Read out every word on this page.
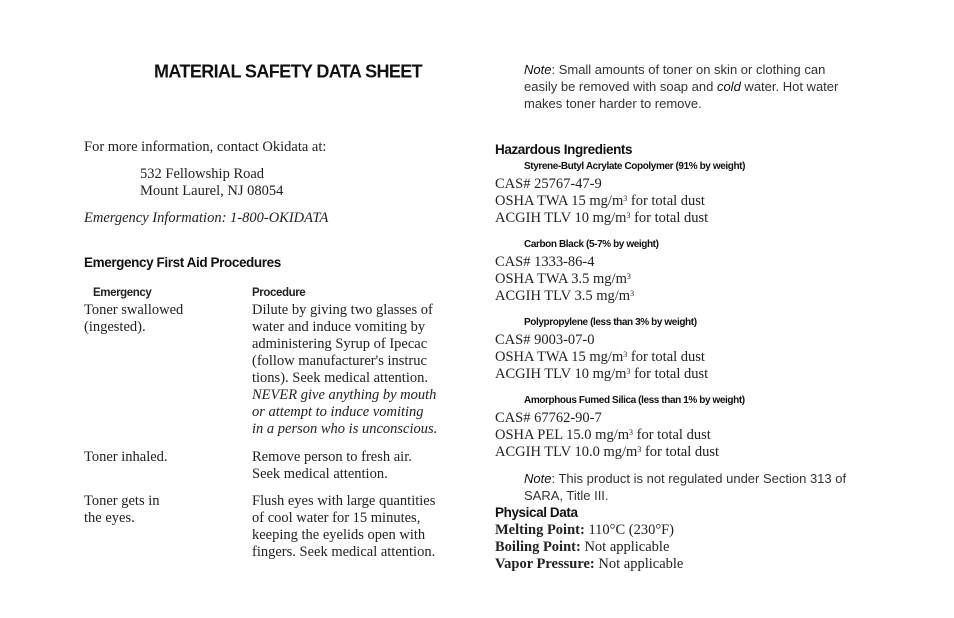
MATERIAL SAFETY DATA SHEET
For more information, contact Okidata at:
532 Fellowship Road
Mount Laurel, NJ 08054
Emergency Information: 1-800-OKIDATA
Emergency First Aid Procedures
Emergency	Procedure
Toner swallowed
(ingested).
Dilute by giving two glasses of
water and induce vomiting by
administering Syrup of Ipecac
(follow manufacturer's instruc
tions). Seek medical attention.
NEVER give anything by mouth
or attempt to induce vomiting
in a person who is unconscious.
Toner inhaled.	Remove person to fresh air.
Seek medical attention.
Toner gets in
the eyes.
Flush eyes with large quantities
of cool water for 15 minutes,
keeping the eyelids open with
fingers. Seek medical attention.
Note: Small amounts of toner on skin or clothing can
easily be removed with soap and cold water. Hot water
makes toner harder to remove.
Hazardous Ingredients
Styrene-Butyl Acrylate Copolymer (91% by weight)
CAS# 25767-47-9
OSHA TWA 15 $mg/m^3$ for total dust
ACGIH TLV 10 $mg/m^3$ for total dust
Carbon Black (5-7% by weight)
CAS# 1333-86-4
OSHA TWA 3.5 $mg/m^3$
ACGIH TLV 3.5 $mg/m^3$
Polypropylene (less than 3% by weight)
CAS# 9003-07-0
OSHA TWA 15 $mg/m^3$ for total dust
ACGIH TLV 10 $mg/m^3$ for total dust
Amorphous Fumed Silica (less than 1% by weight)
CAS# 67762-90-7
OSHA PEL 15.0 $mg/m^3$ for total dust
ACGIH TLV 10.0 $mg/m^3$ for total dust
Note: This product is not regulated under Section 313 of
SARA, Title III.
Physical Data
Melting Point: 110°C (230°F)
Boiling Point: Not applicable
Vapor Pressure: Not applicable
